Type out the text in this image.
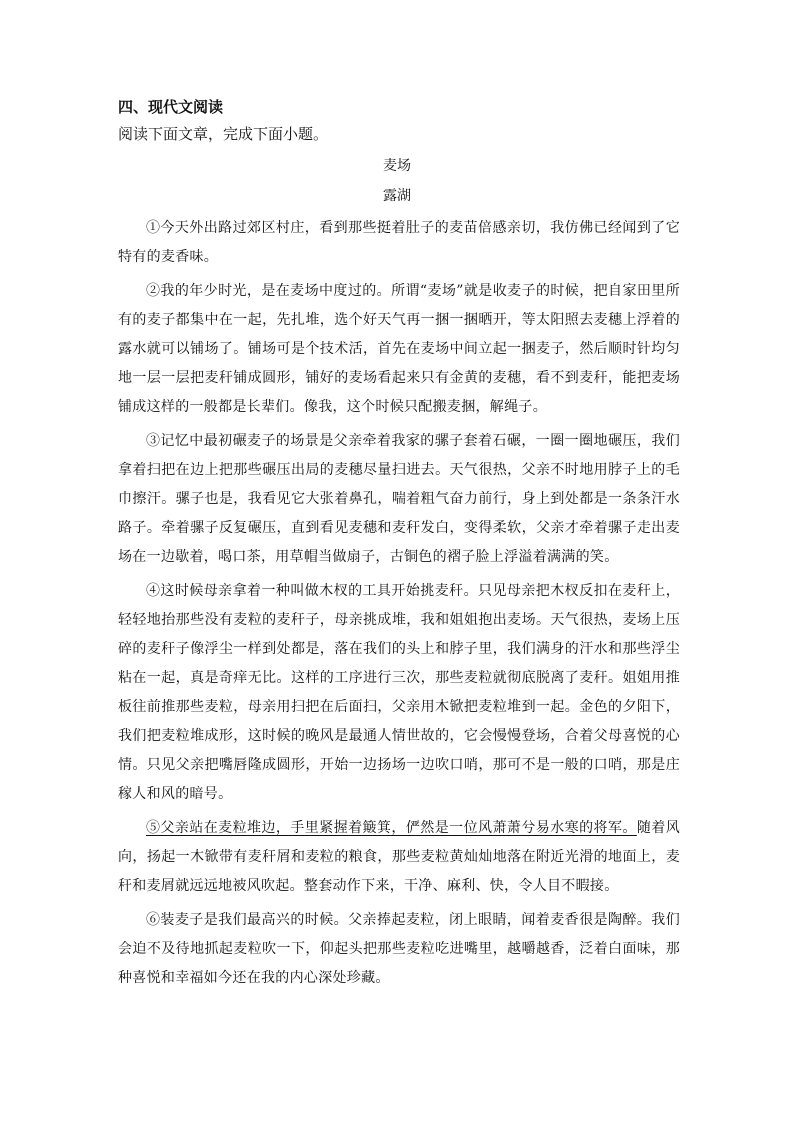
四、现代文阅读
阅读下面文章，完成下面小题。
麦场
露湖

①今天外出路过郊区村庄，看到那些挺着肚子的麦苗倍感亲切，我仿佛已经闻到了它特有的麦香味。

②我的年少时光，是在麦场中度过的。所谓“麦场”就是收麦子的时候，把自家田里所有的麦子都集中在一起，先扎堆，选个好天气再一捆一捆晒开，等太阳照去麦穗上浮着的露水就可以铺场了。铺场可是个技术活，首先在麦场中间立起一捆麦子，然后顺时针均匀地一层一层把麦秆铺成圆形，铺好的麦场看起来只有金黄的麦穗，看不到麦秆，能把麦场铺成这样的一般都是长辈们。像我，这个时候只配搬麦捆，解绳子。

③记忆中最初碾麦子的场景是父亲牵着我家的骡子套着石碾，一圈一圈地碾压，我们拿着扫把在边上把那些碾压出局的麦穗尽量扫进去。天气很热，父亲不时地用脖子上的毛巾擦汗。骡子也是，我看见它大张着鼻孔，喘着粗气奋力前行，身上到处都是一条条汗水路子。牵着骡子反复碾压，直到看见麦穗和麦秆发白，变得柔软，父亲才牵着骡子走出麦场在一边歇着，喝口茶，用草帽当做扇子，古铜色的褶子脸上浮溢着满满的笑。

④这时候母亲拿着一种叫做木杈的工具开始挑麦秆。只见母亲把木杈反扣在麦秆上，轻轻地抬那些没有麦粒的麦秆子，母亲挑成堆，我和姐姐抱出麦场。天气很热，麦场上压碎的麦秆子像浮尘一样到处都是，落在我们的头上和脖子里，我们满身的汗水和那些浮尘粘在一起，真是奇痒无比。这样的工序进行三次，那些麦粒就彻底脱离了麦秆。姐姐用推板往前推那些麦粒，母亲用扫把在后面扫，父亲用木锨把麦粒堆到一起。金色的夕阳下，我们把麦粒堆成形，这时候的晚风是最通人情世故的，它会慢慢登场，合着父母喜悦的心情。只见父亲把嘴唇隆成圆形，开始一边扬场一边吹口哨，那可不是一般的口哨，那是庄稼人和风的暗号。

⑤父亲站在麦粒堆边，手里紧握着簸箕，俨然是一位风萧萧兮易水寒的将军。随着风向，扬起一木锨带有麦秆屑和麦粒的粮食，那些麦粒黄灿灿地落在附近光滑的地面上，麦秆和麦屑就远远地被风吹起。整套动作下来，干净、麻利、快，令人目不暇接。

⑥装麦子是我们最高兴的时候。父亲捧起麦粒，闭上眼睛，闻着麦香很是陶醉。我们会迫不及待地抓起麦粒吹一下，仰起头把那些麦粒吃进嘴里，越嚼越香，泛着白面味，那种喜悦和幸福如今还在我的内心深处珍藏。
